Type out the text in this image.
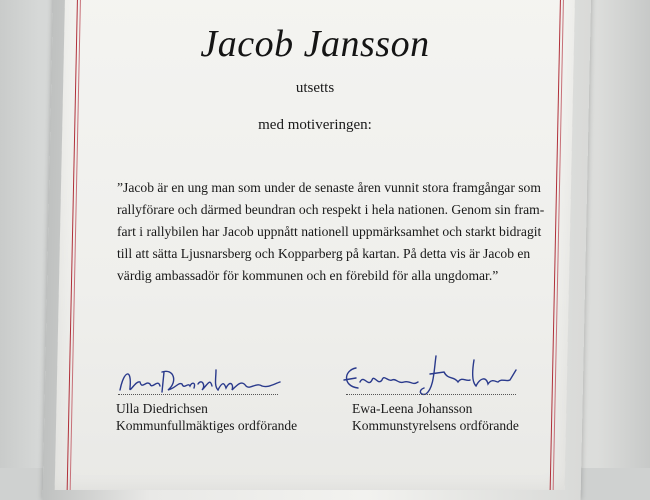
Jacob Jansson
utsetts
med motiveringen:
”Jacob är en ung man som under de senaste åren vunnit stora framgångar som
rallyförare och därmed beundran och respekt i hela nationen. Genom sin fram-
fart i rallybilen har Jacob uppnått nationell uppmärksamhet och starkt bidragit
till att sätta Ljusnarsberg och Kopparberg på kartan. På detta vis är Jacob en
värdig ambassadör för kommunen och en förebild för alla ungdomar.”
Ulla Diedrichsen
Kommunfullmäktiges ordförande
Ewa-Leena Johansson
Kommunstyrelsens ordförande
